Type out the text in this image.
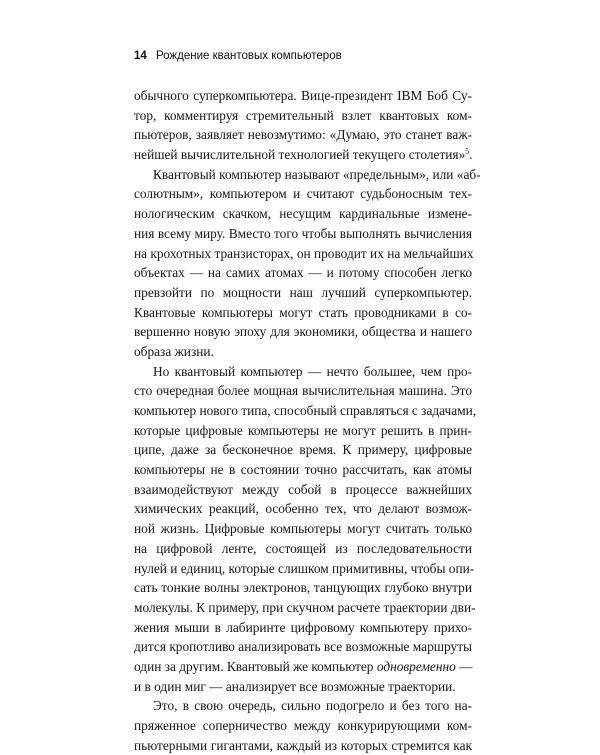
14 Рождение квантовых компьютеров
обычного суперкомпьютера. Вице-президент IBM Боб Су-
тор, комментируя стремительный взлет квантовых ком-
пьютеров, заявляет невозмутимо: «Думаю, это станет важ-
нейшей вычислительной технологией текущего столетия»$^5$.
Квантовый компьютер называют «предельным», или «аб-
солютным», компьютером и считают судьбоносным тех-
нологическим скачком, несущим кардинальные измене-
ния всему миру. Вместо того чтобы выполнять вычисления
на крохотных транзисторах, он проводит их на мельчайших
объектах — на самих атомах — и потому способен легко
превзойти по мощности наш лучший суперкомпьютер.
Квантовые компьютеры могут стать проводниками в со-
вершенно новую эпоху для экономики, общества и нашего
образа жизни.
Но квантовый компьютер — нечто большее, чем про-
сто очередная более мощная вычислительная машина. Это
компьютер нового типа, способный справляться с задачами,
которые цифровые компьютеры не могут решить в прин-
ципе, даже за бесконечное время. К примеру, цифровые
компьютеры не в состоянии точно рассчитать, как атомы
взаимодействуют между собой в процессе важнейших
химических реакций, особенно тех, что делают возмож-
ной жизнь. Цифровые компьютеры могут считать только
на цифровой ленте, состоящей из последовательности
нулей и единиц, которые слишком примитивны, чтобы опи-
сать тонкие волны электронов, танцующих глубоко внутри
молекулы. К примеру, при скучном расчете траектории дви-
жения мыши в лабиринте цифровому компьютеру прихо-
дится кропотливо анализировать все возможные маршруты
один за другим. Квантовый же компьютер одновременно —
и в один миг — анализирует все возможные траектории.
Это, в свою очередь, сильно подогрело и без того на-
пряженное соперничество между конкурирующими ком-
пьютерными гигантами, каждый из которых стремится как
